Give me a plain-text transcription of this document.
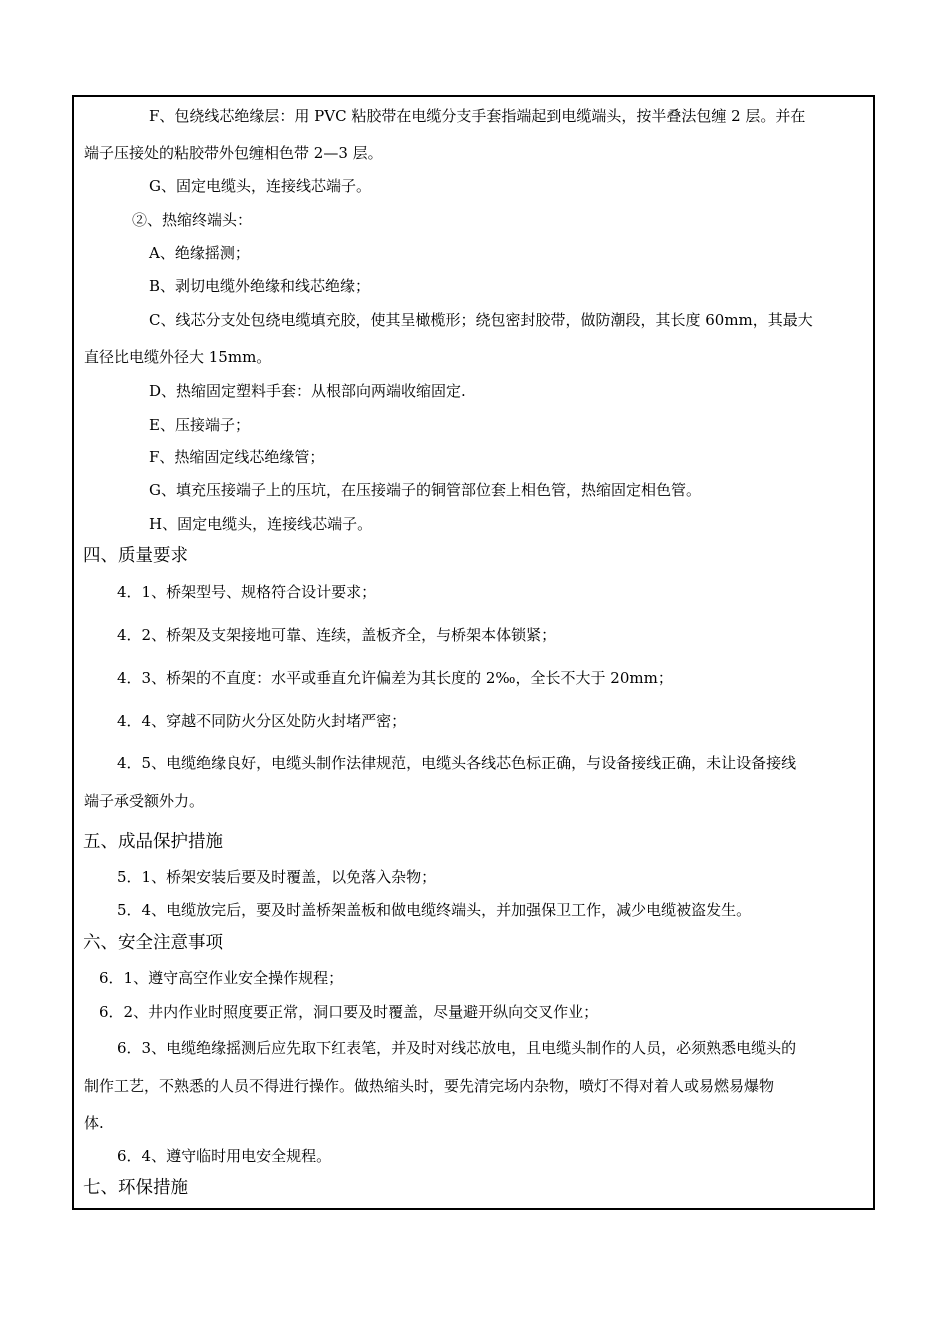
F、包绕线芯绝缘层：用 PVC 粘胶带在电缆分支手套指端起到电缆端头，按半叠法包缠 2 层。并在
端子压接处的粘胶带外包缠相色带 2—3 层。
G、固定电缆头，连接线芯端子。
②、热缩终端头：
A、绝缘摇测；
B、剥切电缆外绝缘和线芯绝缘；
C、线芯分支处包绕电缆填充胶，使其呈橄榄形；绕包密封胶带，做防潮段，其长度 60mm，其最大
直径比电缆外径大 15mm。
D、热缩固定塑料手套：从根部向两端收缩固定.
E、压接端子；
F、热缩固定线芯绝缘管；
G、填充压接端子上的压坑，在压接端子的铜管部位套上相色管，热缩固定相色管。
H、固定电缆头，连接线芯端子。
四、质量要求
4．1、桥架型号、规格符合设计要求；
4．2、桥架及支架接地可靠、连续，盖板齐全，与桥架本体锁紧；
4．3、桥架的不直度：水平或垂直允许偏差为其长度的 2‰，全长不大于 20mm；
4．4、穿越不同防火分区处防火封堵严密；
4．5、电缆绝缘良好，电缆头制作法律规范，电缆头各线芯色标正确，与设备接线正确，未让设备接线
端子承受额外力。
五、成品保护措施
5．1、桥架安装后要及时覆盖，以免落入杂物；
5．4、电缆放完后，要及时盖桥架盖板和做电缆终端头，并加强保卫工作，减少电缆被盗发生。
六、安全注意事项
6．1、遵守高空作业安全操作规程；
6．2、井内作业时照度要正常，洞口要及时覆盖，尽量避开纵向交叉作业；
6．3、电缆绝缘摇测后应先取下红表笔，并及时对线芯放电，且电缆头制作的人员，必须熟悉电缆头的
制作工艺，不熟悉的人员不得进行操作。做热缩头时，要先清完场内杂物，喷灯不得对着人或易燃易爆物
体.
6．4、遵守临时用电安全规程。
七、环保措施
